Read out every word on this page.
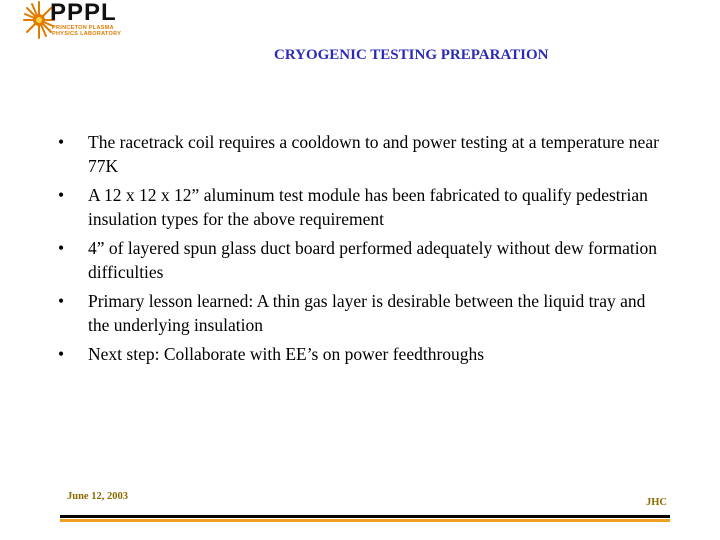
PPPL
PRINCETON PLASMA
PHYSICS LABORATORY
CRYOGENIC TESTING PREPARATION
• The racetrack coil requires a cooldown to and power testing at a temperature near 77K
• A 12 x 12 x 12” aluminum test module has been fabricated to qualify pedestrian insulation types for the above requirement
• 4” of layered spun glass duct board performed adequately without dew formation difficulties
• Primary lesson learned: A thin gas layer is desirable between the liquid tray and the underlying insulation
• Next step: Collaborate with EE’s on power feedthroughs
June 12, 2003
JHC
